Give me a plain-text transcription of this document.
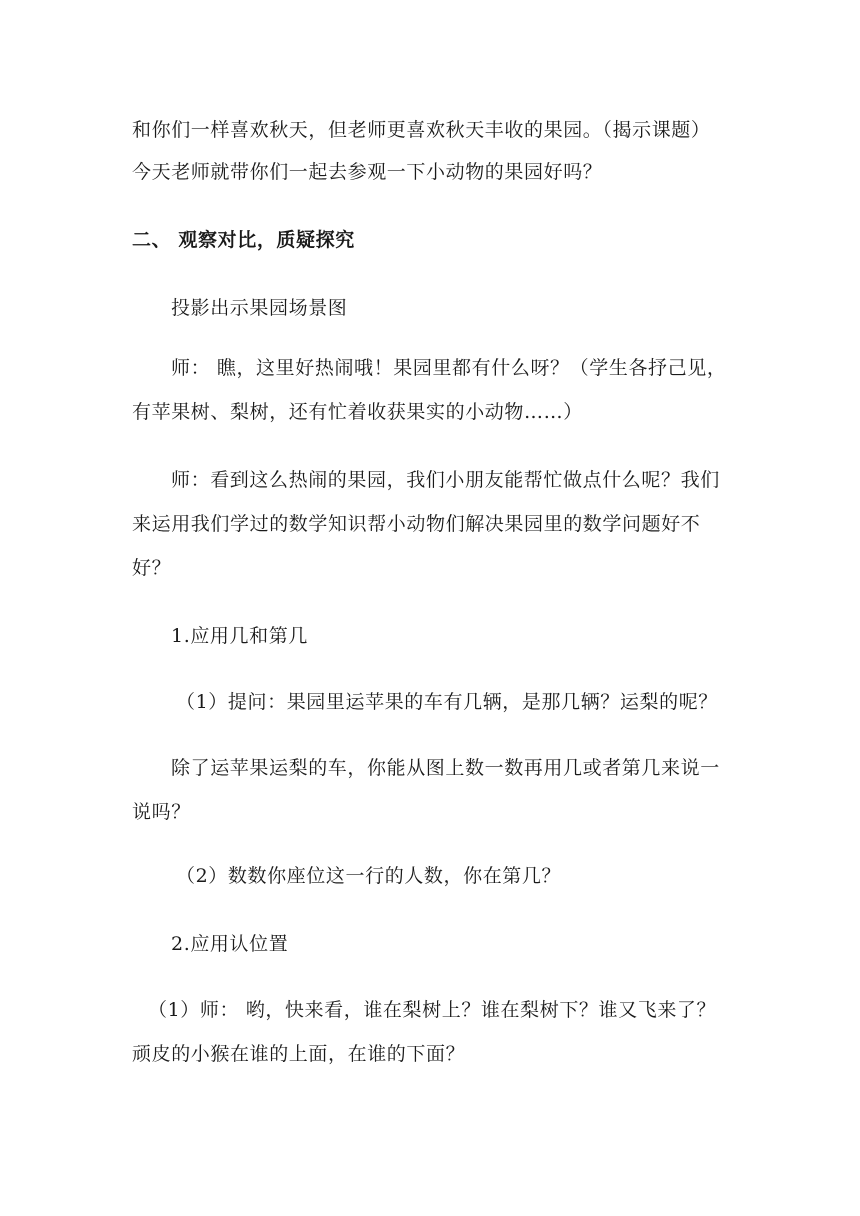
和你们一样喜欢秋天，但老师更喜欢秋天丰收的果园。（揭示课题）
今天老师就带你们一起去参观一下小动物的果园好吗？
二、 观察对比，质疑探究
投影出示果园场景图
师： 瞧，这里好热闹哦！果园里都有什么呀？（学生各抒己见，
有苹果树、梨树，还有忙着收获果实的小动物……）
师：看到这么热闹的果园，我们小朋友能帮忙做点什么呢？我们
来运用我们学过的数学知识帮小动物们解决果园里的数学问题好不
好？
1.应用几和第几
（1）提问：果园里运苹果的车有几辆，是那几辆？运梨的呢？
除了运苹果运梨的车，你能从图上数一数再用几或者第几来说一
说吗？
（2）数数你座位这一行的人数，你在第几？
2.应用认位置
（1）师： 哟，快来看，谁在梨树上？谁在梨树下？谁又飞来了？
顽皮的小猴在谁的上面，在谁的下面？
